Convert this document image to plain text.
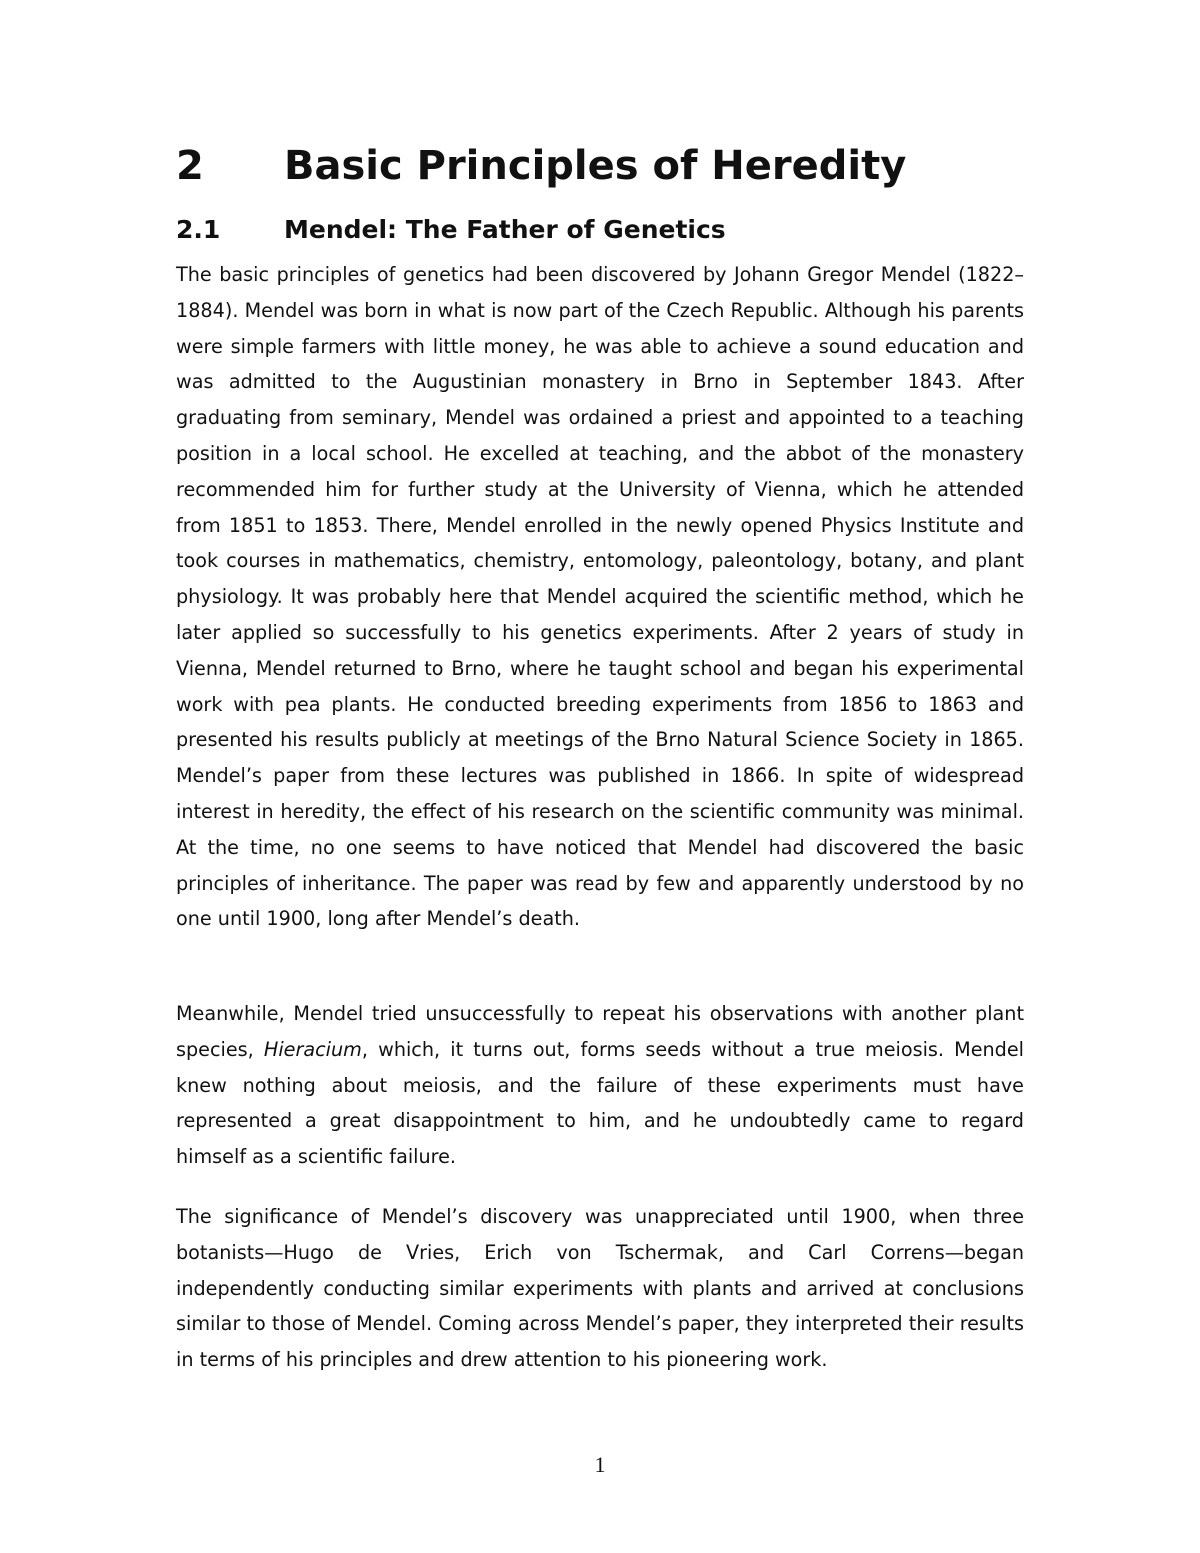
2 Basic Principles of Heredity
2.1	Mendel: The Father of Genetics

The basic principles of genetics had been discovered by Johann Gregor Mendel (1822–1884). Mendel was born in what is now part of the Czech Republic. Although his parents were simple farmers with little money, he was able to achieve a sound education and was admitted to the Augustinian monastery in Brno in September 1843. After graduating from seminary, Mendel was ordained a priest and appointed to a teaching position in a local school. He excelled at teaching, and the abbot of the monastery recommended him for further study at the University of Vienna, which he attended from 1851 to 1853. There, Mendel enrolled in the newly opened Physics Institute and took courses in mathematics, chemistry, entomology, paleontology, botany, and plant physiology. It was probably here that Mendel acquired the scientific method, which he later applied so successfully to his genetics experiments. After 2 years of study in Vienna, Mendel returned to Brno, where he taught school and began his experimental work with pea plants. He conducted breeding experiments from 1856 to 1863 and presented his results publicly at meetings of the Brno Natural Science Society in 1865. Mendel’s paper from these lectures was published in 1866. In spite of widespread interest in heredity, the effect of his research on the scientific community was minimal. At the time, no one seems to have noticed that Mendel had discovered the basic principles of inheritance. The paper was read by few and apparently understood by no one until 1900, long after Mendel’s death.

Meanwhile, Mendel tried unsuccessfully to repeat his observations with another plant species, Hieracium, which, it turns out, forms seeds without a true meiosis. Mendel knew nothing about meiosis, and the failure of these experiments must have represented a great disappointment to him, and he undoubtedly came to regard himself as a scientific failure.

The significance of Mendel’s discovery was unappreciated until 1900, when three botanists—Hugo de Vries, Erich von Tschermak, and Carl Correns—began independently conducting similar experiments with plants and arrived at conclusions similar to those of Mendel. Coming across Mendel’s paper, they interpreted their results in terms of his principles and drew attention to his pioneering work.

1
